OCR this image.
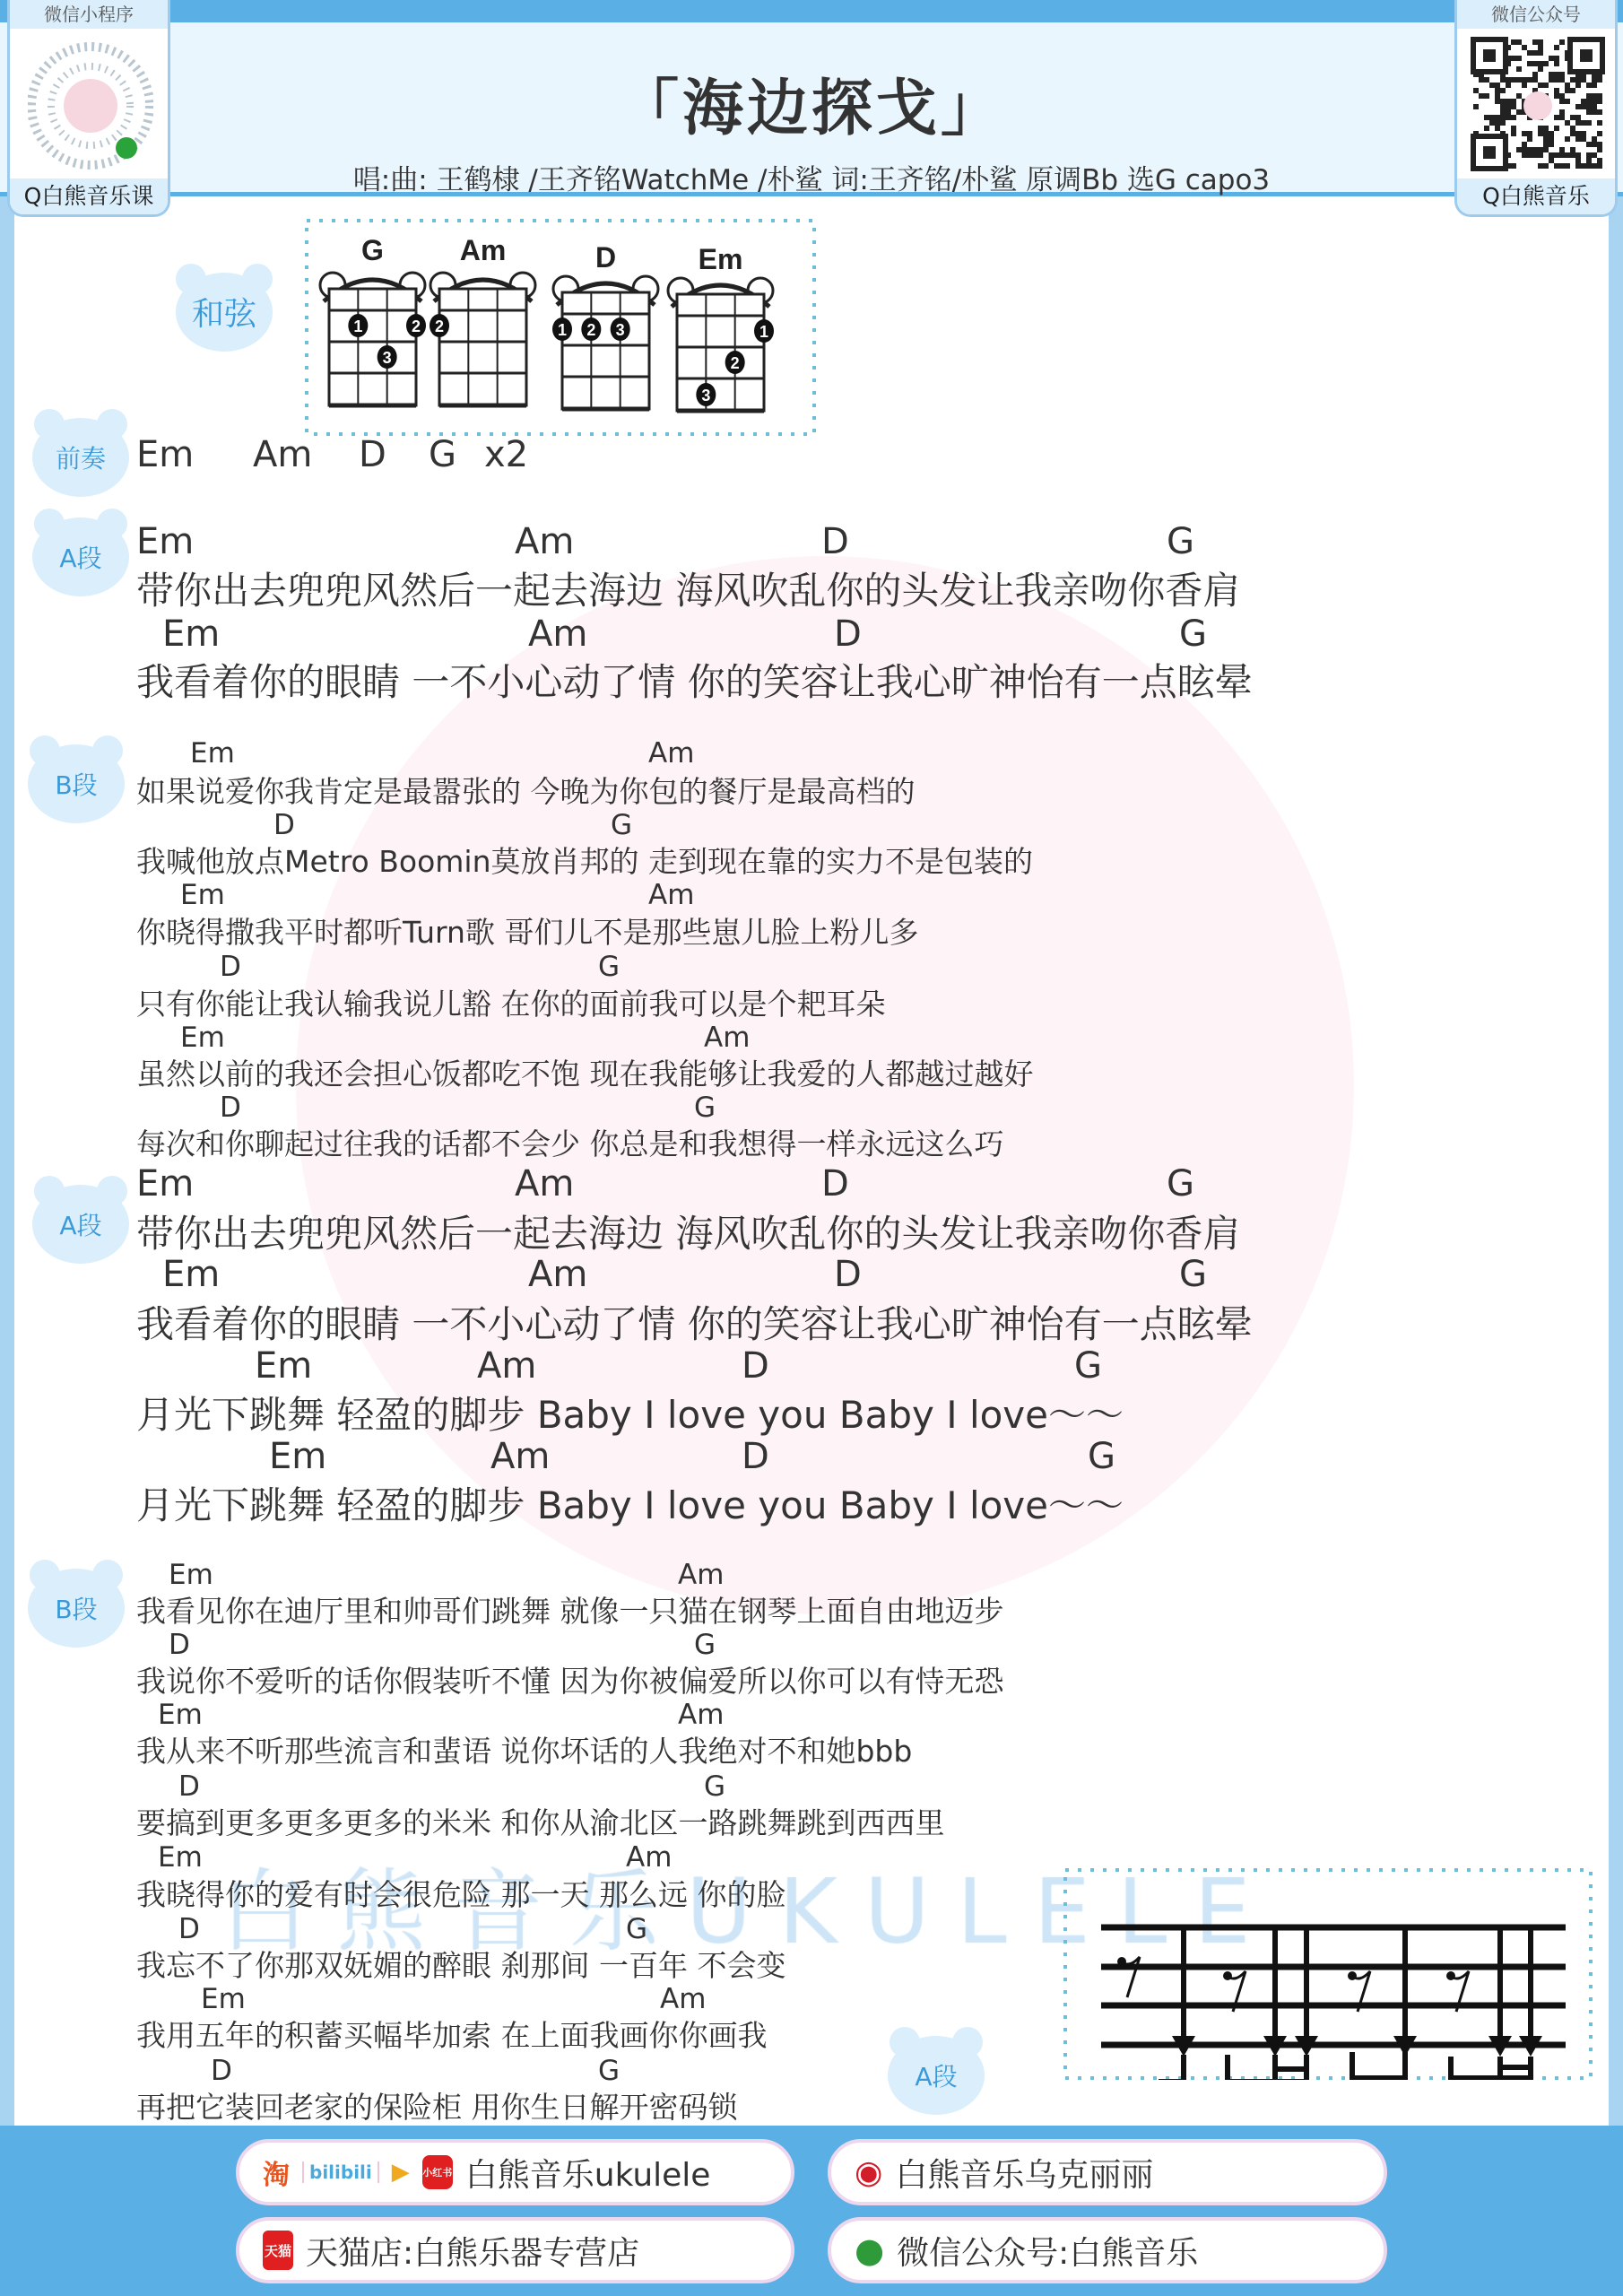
「海边探戈」
唱:曲: 王鹤棣 /王齐铭WatchMe /朴鲨 词:王齐铭/朴鲨 原调Bb 选G capo3
微信小程序
Q白熊音乐课
微信公众号
Q白熊音乐
和弦
G
1	2
3
Am
2
D
1 2 3
Em
1
2
3
前奏 Em Am D G x2
A段 Em	Am	D	G
带你出去兜兜风然后一起去海边 海风吹乱你的头发让我亲吻你香肩
Em	Am	D	G
我看着你的眼睛 一不小心动了情 你的笑容让我心旷神怡有一点眩晕
B段
Em	Am
如果说爱你我肯定是最嚣张的 今晚为你包的餐厅是最高档的
D	G
我喊他放点Metro Boomin莫放肖邦的 走到现在靠的实力不是包装的
Em	Am
你晓得撒我平时都听Turn歌 哥们儿不是那些崽儿脸上粉儿多
D	G
只有你能让我认输我说儿豁 在你的面前我可以是个耙耳朵
Em	Am
虽然以前的我还会担心饭都吃不饱 现在我能够让我爱的人都越过越好
D	G
每次和你聊起过往我的话都不会少 你总是和我想得一样永远这么巧
A段
Em	Am	D	G
带你出去兜兜风然后一起去海边 海风吹乱你的头发让我亲吻你香肩
Em	Am	D	G
我看着你的眼睛 一不小心动了情 你的笑容让我心旷神怡有一点眩晕
Em	Am	D	G
月光下跳舞 轻盈的脚步 Baby I love you Baby I love～～
Em	Am	D	G
月光下跳舞 轻盈的脚步 Baby I love you Baby I love～～
B段
Em	Am
我看见你在迪厅里和帅哥们跳舞 就像一只猫在钢琴上面自由地迈步
D	G
我说你不爱听的话你假装听不懂 因为你被偏爱所以你可以有恃无恐
Em	Am
我从来不听那些流言和蜚语 说你坏话的人我绝对不和她bbb
D	G
要搞到更多更多更多的米米 和你从渝北区一路跳舞跳到西西里
Em	Am
我晓得你的爱有时会很危险 那一天 那么远 你的脸
D	G
我忘不了你那双妩媚的醉眼 刹那间 一百年 不会变
Em	Am
我用五年的积蓄买幅毕加索 在上面我画你你画我
D	G
再把它装回老家的保险柜 用你生日解开密码锁
A段
淘	bilibili ▶ 小红书 白熊音乐ukulele	◉ 白熊音乐乌克丽丽
天猫 天猫店:白熊乐器专营店	● 微信公众号:白熊音乐
